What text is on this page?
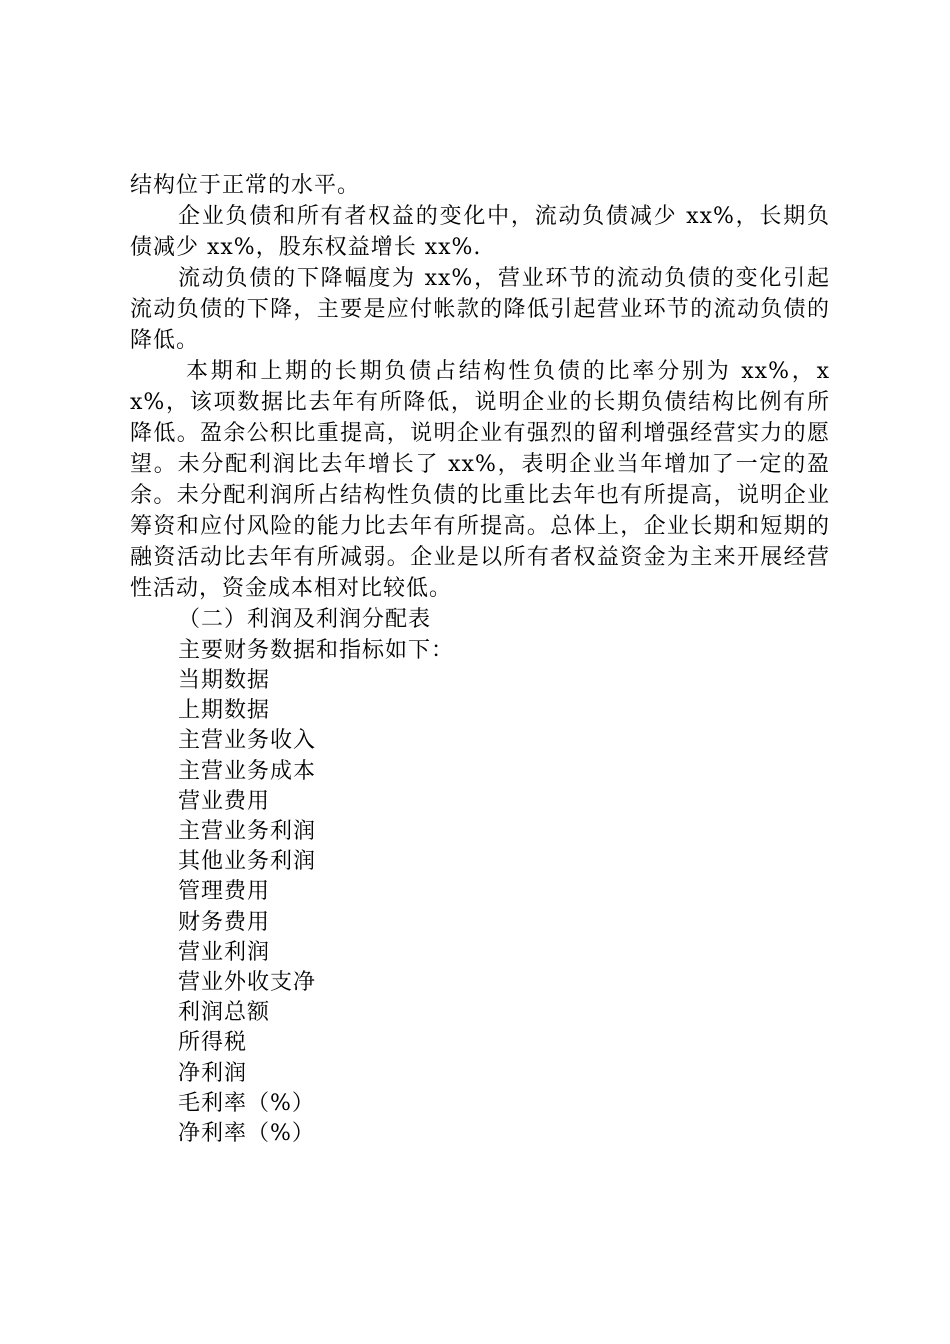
结构位于正常的水平。

企业负债和所有者权益的变化中，流动负债减少 xx%，长期负债减少 xx%，股东权益增长 xx%.

流动负债的下降幅度为 xx%，营业环节的流动负债的变化引起流动负债的下降，主要是应付帐款的降低引起营业环节的流动负债的降低。

本期和上期的长期负债占结构性负债的比率分别为 xx%，xx%，该项数据比去年有所降低，说明企业的长期负债结构比例有所降低。盈余公积比重提高，说明企业有强烈的留利增强经营实力的愿望。未分配利润比去年增长了 xx%，表明企业当年增加了一定的盈余。未分配利润所占结构性负债的比重比去年也有所提高，说明企业筹资和应付风险的能力比去年有所提高。总体上，企业长期和短期的融资活动比去年有所减弱。企业是以所有者权益资金为主来开展经营性活动，资金成本相对比较低。

（二）利润及利润分配表

主要财务数据和指标如下：

当期数据
上期数据
主营业务收入
主营业务成本
营业费用
主营业务利润
其他业务利润
管理费用
财务费用
营业利润
营业外收支净
利润总额
所得税
净利润
毛利率（%）
净利率（%）
